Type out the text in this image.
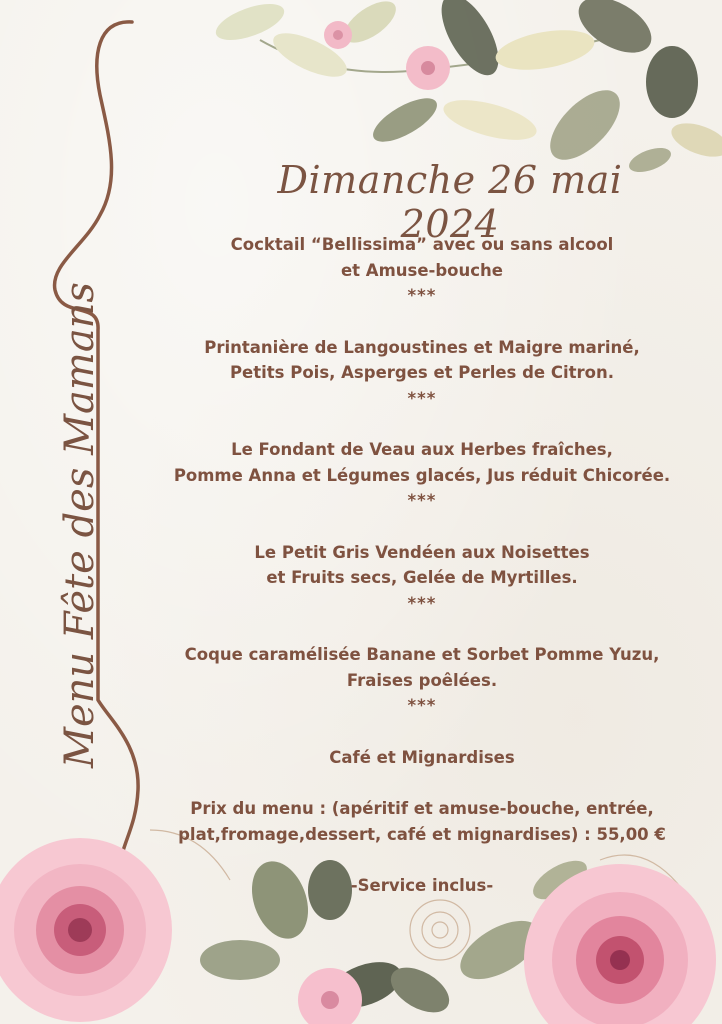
Menu Fête des Mamans
Dimanche 26 mai 2024
Cocktail “Bellissima” avec ou sans alcool
et Amuse-bouche
***
Printanière de Langoustines et Maigre mariné,
Petits Pois, Asperges et Perles de Citron.
***
Le Fondant de Veau aux Herbes fraîches,
Pomme Anna et Légumes glacés, Jus réduit Chicorée.
***
Le Petit Gris Vendéen aux Noisettes
et Fruits secs, Gelée de Myrtilles.
***
Coque caramélisée Banane et Sorbet Pomme Yuzu,
Fraises poêlées.
***
Café et Mignardises
Prix du menu : (apéritif et amuse-bouche, entrée,
plat,fromage,dessert, café et mignardises) : 55,00 €
-Service inclus-
